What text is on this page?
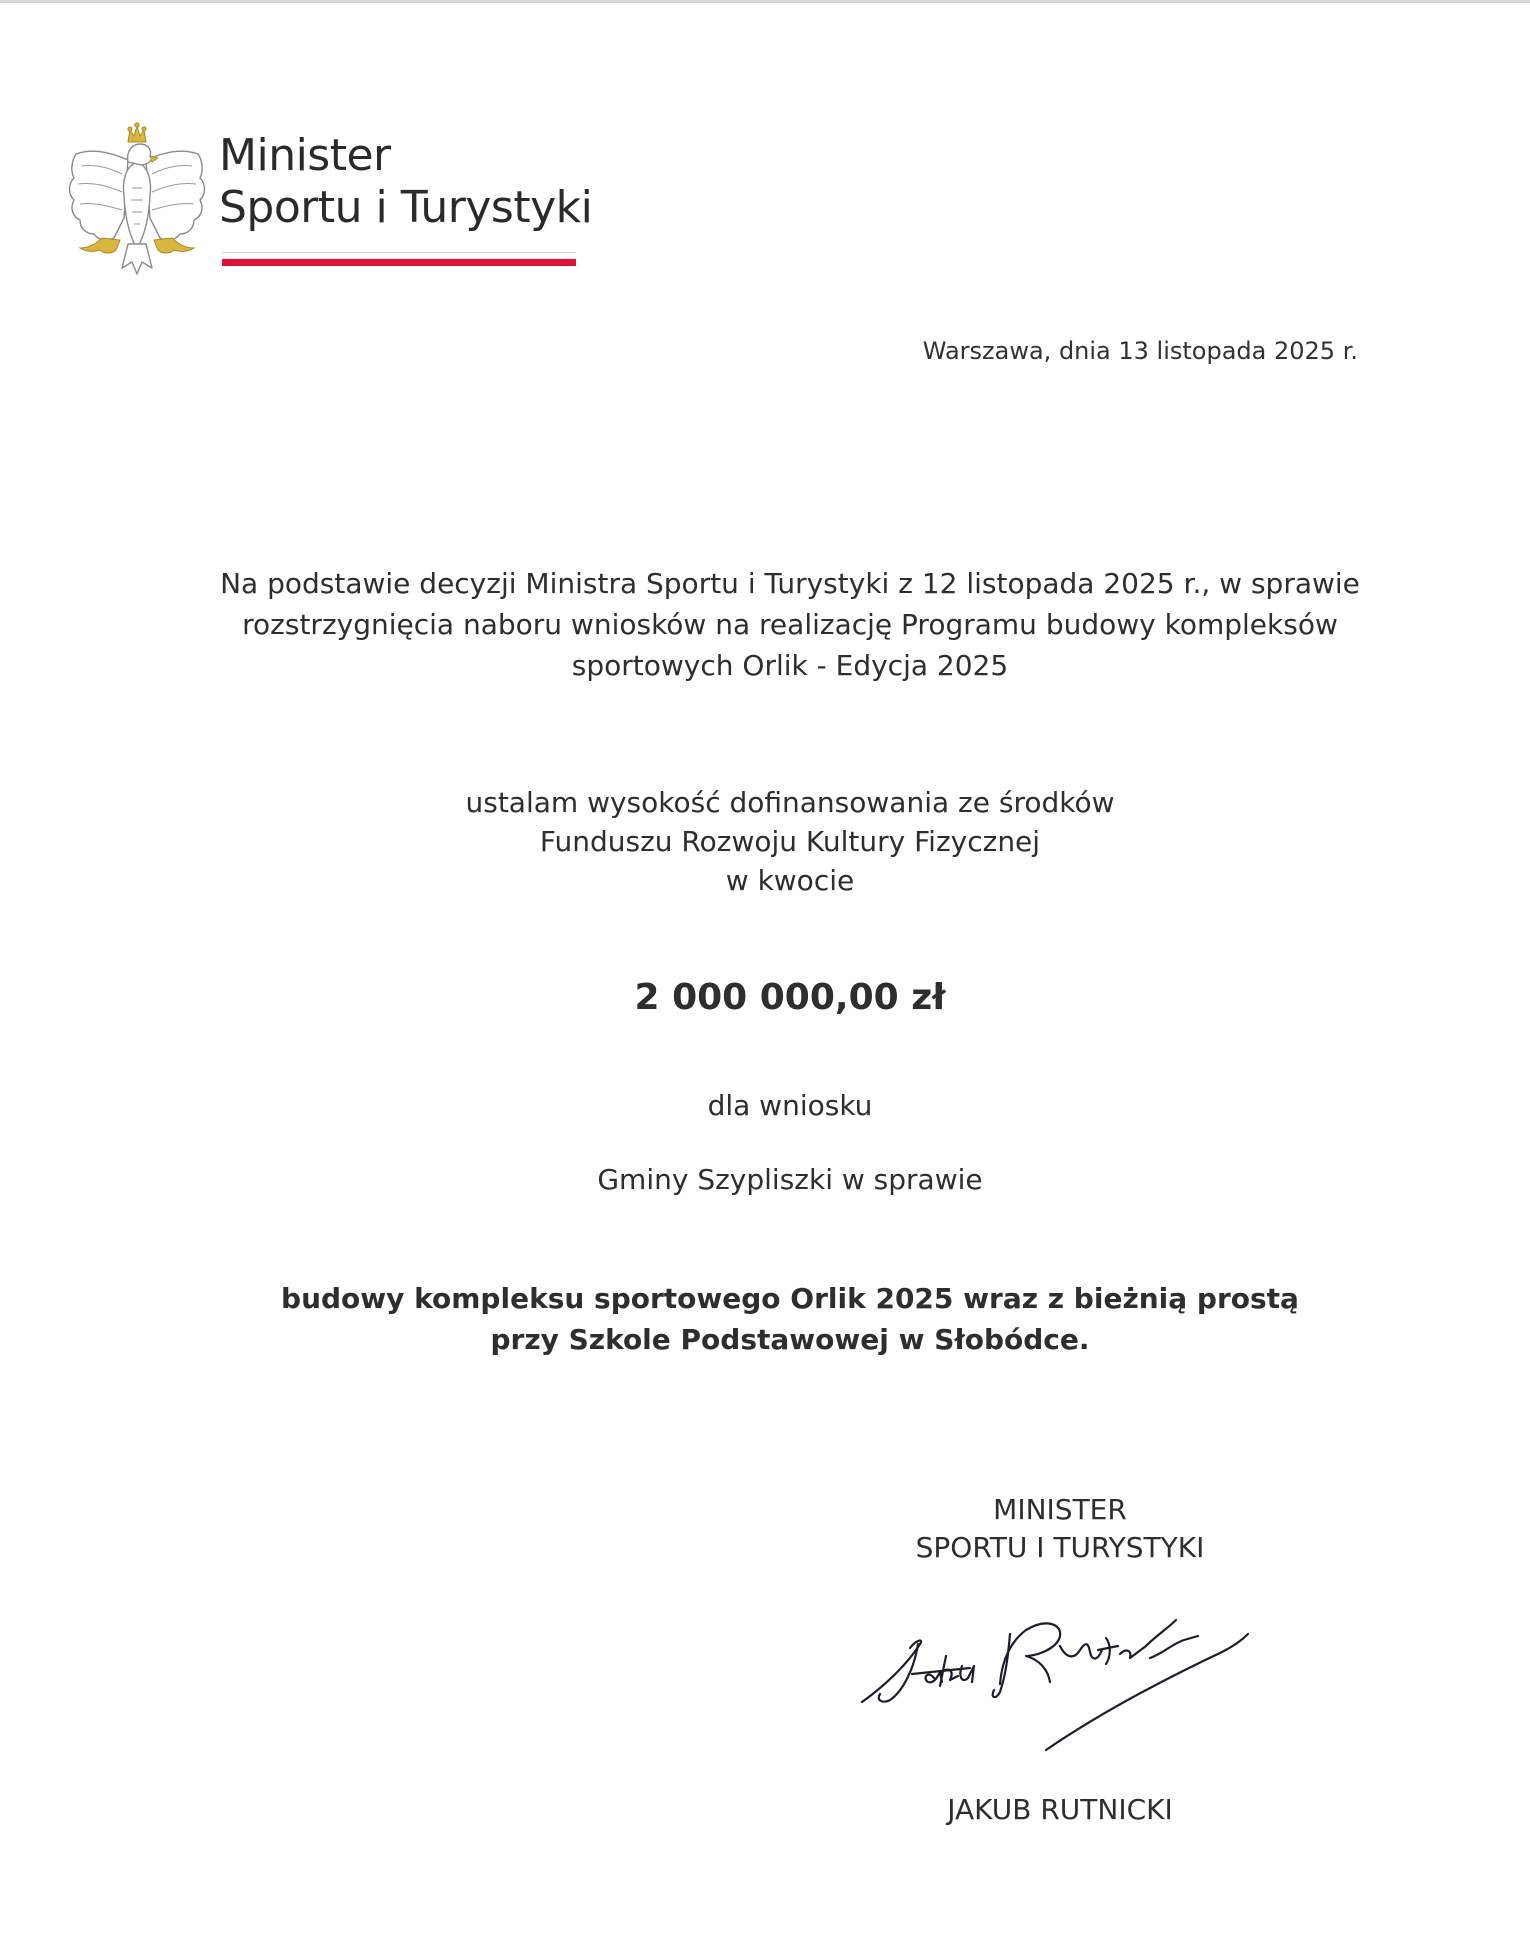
Minister
Sportu i Turystyki
Warszawa, dnia 13 listopada 2025 r.
Na podstawie decyzji Ministra Sportu i Turystyki z 12 listopada 2025 r., w sprawie
rozstrzygnięcia naboru wniosków na realizację Programu budowy kompleksów
sportowych Orlik - Edycja 2025
ustalam wysokość dofinansowania ze środków
Funduszu Rozwoju Kultury Fizycznej
w kwocie
2 000 000,00 zł
dla wniosku
Gminy Szypliszki w sprawie
budowy kompleksu sportowego Orlik 2025 wraz z bieżnią prostą
przy Szkole Podstawowej w Słobódce.
MINISTER
SPORTU I TURYSTYKI
JAKUB RUTNICKI
